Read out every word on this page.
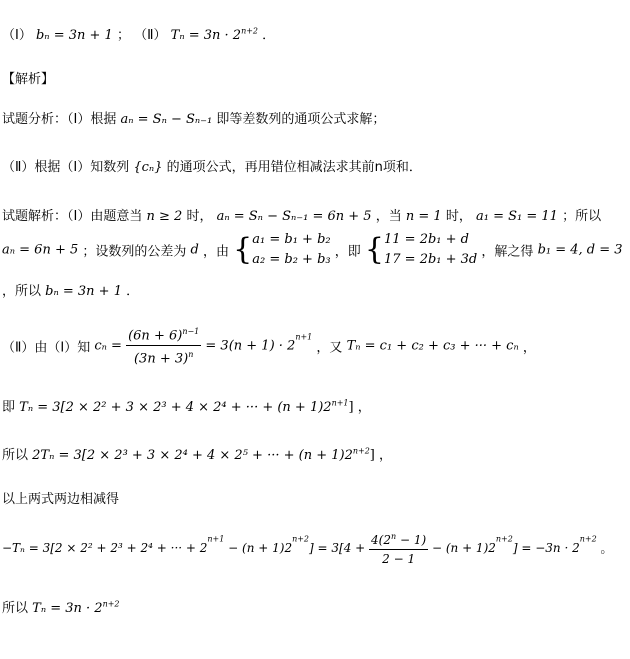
（Ⅰ） bₙ = 3n + 1 ； （Ⅱ） $T_n = 3n \cdot 2^{n+2}$ ．
【解析】
试题分析：（Ⅰ）根据 aₙ = Sₙ − Sₙ₋₁ 即等差数列的通项公式求解；
（Ⅱ）根据（Ⅰ）知数列 {cₙ} 的通项公式，再用错位相减法求其前n项和．
试题解析：（Ⅰ）由题意当 n ≥ 2 时， aₙ = Sₙ − Sₙ₋₁ = 6n + 5 ，当 n = 1 时， a₁ = S₁ = 11 ；所以
aₙ = 6n + 5 ；设数列的公差为 d ，由 { a₁ = b₁ + b₂
a₂ = b₂ + b₃ ，即 { 11 = 2b₁ + d
17 = 2b₁ + 3d ，解之得 b₁ = 4, d = 3
，所以 bₙ = 3n + 1 ．
（Ⅱ）由（Ⅰ）知 $c_n = \frac{(6n + 6)^{n-1}}{(3n + 3)^n} = 3(n + 1) \cdot 2^{n+1}$ ，又 Tₙ = c₁ + c₂ + c₃ + ··· + cₙ ，
即 Tₙ = 3[2 × 2² + 3 × 2³ + 4 × 2⁴ + ··· + $(n + 1)2^{n+1}$] ，
所以 2Tₙ = 3[2 × 2³ + 3 × 2⁴ + 4 × 2⁵ + ··· + $(n + 1)2^{n+2}$] ，
以上两式两边相减得
−Tₙ = 3[2 × 2² + 2³ + 2⁴ + ··· + $2^{n+1} - (n + 1)2^{n+2}] = 3[4 + \frac{4(2^n - 1)}{2 - 1} - (n + 1)2^{n+2}] = -3n \cdot 2^{n+2}$ 。
所以 $T_n = 3n \cdot 2^{n+2}$
